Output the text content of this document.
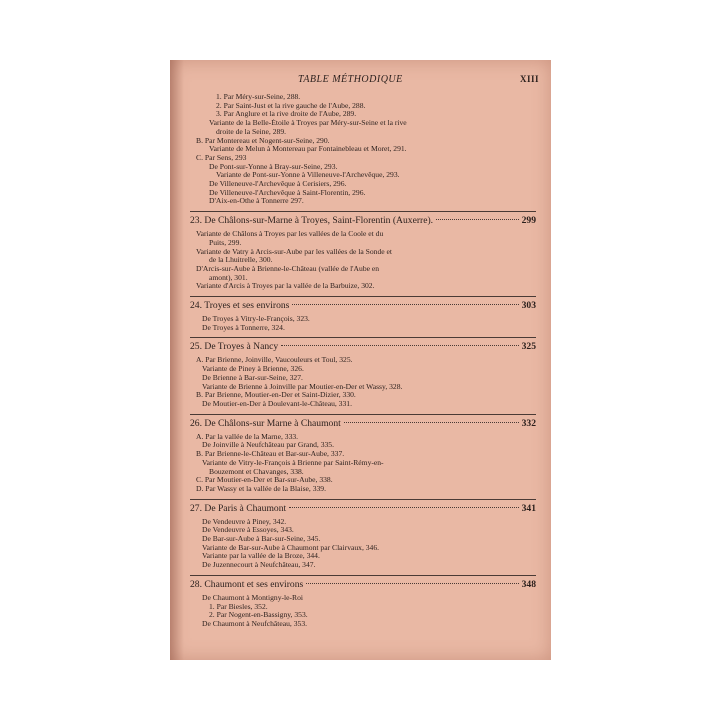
TABLE MÉTHODIQUE	XIII
1. Par Méry-sur-Seine, 288.
2. Par Saint-Just et la rive gauche de l'Aube, 288.
3. Par Anglure et la rive droite de l'Aube, 289.
Variante de la Belle-Étoile à Troyes par Méry-sur-Seine et la rive
droite de la Seine, 289.
B. Par Montereau et Nogent-sur-Seine, 290.
Variante de Melun à Montereau par Fontainebleau et Moret, 291.
C. Par Sens, 293
De Pont-sur-Yonne à Bray-sur-Seine, 293.
Variante de Pont-sur-Yonne à Villeneuve-l'Archevêque, 293.
De Villeneuve-l'Archevêque à Cerisiers, 296.
De Villeneuve-l'Archevêque à Saint-Florentin, 296.
D'Aix-en-Othe à Tonnerre 297.
23. De Châlons-sur-Marne à Troyes, Saint-Florentin (Auxerre).	299
Variante de Châlons à Troyes par les vallées de la Coole et du
Puits, 299.
Variante de Vatry à Arcis-sur-Aube par les vallées de la Sonde et
de la Lhuitrelle, 300.
D'Arcis-sur-Aube à Brienne-le-Château (vallée de l'Aube en
amont), 301.
Variante d'Arcis à Troyes par la vallée de la Barbuize, 302.
24. Troyes et ses environs	303
De Troyes à Vitry-le-François, 323.
De Troyes à Tonnerre, 324.
25. De Troyes à Nancy	325
A. Par Brienne, Joinville, Vaucouleurs et Toul, 325.
Variante de Piney à Brienne, 326.
De Brienne à Bar-sur-Seine, 327.
Variante de Brienne à Joinville par Moutier-en-Der et Wassy, 328.
B. Par Brienne, Moutier-en-Der et Saint-Dizier, 330.
De Moutier-en-Der à Doulevant-le-Château, 331.
26. De Châlons-sur Marne à Chaumont	332
A. Par la vallée de la Marne, 333.
De Joinville à Neufchâteau par Grand, 335.
B. Par Brienne-le-Château et Bar-sur-Aube, 337.
Variante de Vitry-le-François à Brienne par Saint-Rémy-en-
Bouzemont et Chavanges, 338.
C. Par Moutier-en-Der et Bar-sur-Aube, 338.
D. Par Wassy et la vallée de la Blaise, 339.
27. De Paris à Chaumont	341
De Vendeuvre à Piney, 342.
De Vendeuvre à Essoyes, 343.
De Bar-sur-Aube à Bar-sur-Seine, 345.
Variante de Bar-sur-Aube à Chaumont par Clairvaux, 346.
Variante par la vallée de la Broze, 344.
De Juzennecourt à Neufchâteau, 347.
28. Chaumont et ses environs	348
De Chaumont à Montigny-le-Roi
1. Par Biesles, 352.
2. Par Nogent-en-Bassigny, 353.
De Chaumont à Neufchâteau, 353.
